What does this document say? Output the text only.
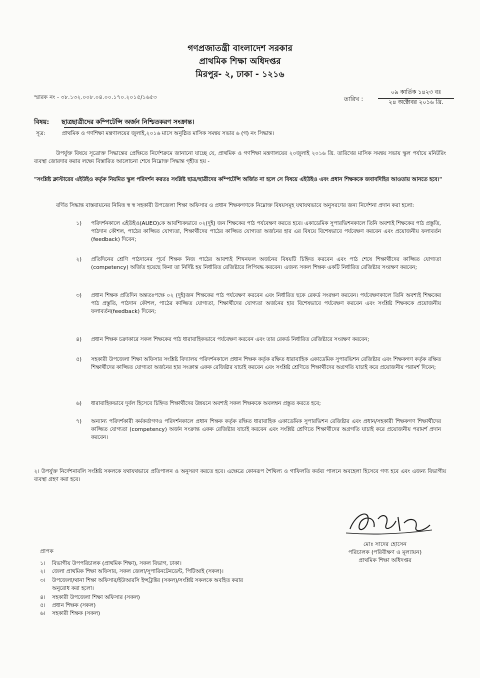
গণপ্রজাতন্ত্রী বাংলাদেশ সরকার
প্রাথমিক শিক্ষা অধিদপ্তর
মিরপুর- ২, ঢাকা - ১২১৬
স্মারক নং - ৩৮.১৩২.০০৮.০৪.০০.১৭০.২০১৫/১৬৫৩	তারিখ :
০৯ কার্তিক ১৪২৩ বঃ
২৪ অক্টোবর ২০১৬ খ্রি.
বিষয়: ছাত্রছাত্রীদের কম্পিটেন্সি অর্জন নিশ্চিতকরণ সংক্রান্ত।
সূত্র:	প্রাথমিক ও গণশিক্ষা মন্ত্রণালয়ের জুলাই,২০১৬ মাসে অনুষ্ঠিত মাসিক সমন্বয় সভার ৬ (গ) নং সিদ্ধান্ত।
উপর্যুক্ত বিষয়ে সূত্রোক্ত সিদ্ধান্তের প্রেক্ষিতে নির্দেশক্রমে জানানো যাচ্ছে যে, প্রাথমিক ও গণশিক্ষা মন্ত্রণালয়ের ২০জুলাই ২০১৬ খ্রি. তারিখের মাসিক সমন্বয় সভায় স্কুল পর্যায়ে মনিটরিং ব্যবস্থা জোরদার করার লক্ষ্যে বিস্তারিত আলোচনা শেষে নিম্নোক্ত সিদ্ধান্ত গৃহীত হয় -
"সংশ্লিষ্ট ক্লাস্টারের এইউইও কর্তৃক নিয়মিত স্কুল পরিদর্শন করতঃ সংশ্লিষ্ট ছাত্র/ছাত্রীদের কম্পিটেন্সি অর্জিত না হলে সে বিষয়ে এইউইও এবং প্রধান শিক্ষককে জবাবদিহির আওতায় আনতে হবে।"
বর্ণিত সিদ্ধান্ত বাস্তবায়নের নিমিত্ত স্ব স্ব সহকারী উপজেলা শিক্ষা অফিসার ও প্রধান শিক্ষকগণকে নিম্নোক্ত বিষয়সমূহ যথাযথভাবে অনুসরণের জন্য নির্দেশনা প্রদান করা হলো:
১) পরিদর্শনকালে এইউইও(AUEO)কে আবশ্যিকভাবে ০২(দুই) জন শিক্ষকের পাঠ পর্যবেক্ষণ করতে হবে। একাডেমিক সুপারভিশনকালে তিনি অবশ্যই শিক্ষকের পাঠ প্রস্তুতি, পাঠদান কৌশল, পাঠের কাজ্জিত যোগ্যতা, শিক্ষার্থীদের পাঠের কাজ্জিত যোগ্যতা অর্জনের হার এর বিষয়ে বিশেষভাবে পর্যবেক্ষণ করবেন এবং প্রয়োজনীয় ফলাবর্তন (feedback) দিবেন;
২) প্রতিদিনের শ্রেণি পাঠদানের পূর্বে শিক্ষক নিজ পাঠের আবশ্যই শিখনফল অর্জনের বিষয়টি চিহ্নিত করবেন এবং পাঠ শেষে শিক্ষার্থীদের কাজ্জিত যোগ্যতা (competency) অর্জিত হয়েছে কিনা তা নির্দিষ্ট হয় নির্ধারিত রেজিষ্টারে লিপিবদ্ধ করবেন। এজন্য সকল শিক্ষক একটি নির্ধারিত রেজিষ্টার সংরক্ষণ করবেন;
৩) প্রধান শিক্ষক প্রতিদিন অন্ততঃপক্ষে ০২ (দুই)জন শিক্ষকের পাঠ পর্যবেক্ষণ করবেন এবং নির্ধারিত ছকে রেকর্ড সংরক্ষণ করবেন। পর্যবেক্ষণকালে তিনি অবশ্যই শিক্ষকের পাঠ প্রস্তুতি, পাঠদান কৌশল, পাঠের কাজ্জিত যোগ্যতা, শিক্ষার্থীদের যোগ্যতা অর্জনের হার বিশেষভাবে পর্যবেক্ষণ করবেন এবং সংশ্লিষ্ট শিক্ষককে প্রয়োজনীয় ফলাবর্তন(feedback) দিবেন;
৪) প্রধান শিক্ষক চক্রাকারে সকল শিক্ষকের পাঠ ধারাবাহিকভাবে পর্যবেক্ষণ করবেন এবং তার রেকর্ড নির্ধারিত রেজিষ্টারে সংরক্ষণ করবেন;
৫) সহকারী উপজেলা শিক্ষা অফিসার সংশ্লিষ্ট বিদ্যালয় পরিদর্শনকালে প্রধান শিক্ষক কর্তৃক রক্ষিত ধারাবাহিক একাডেমিক সুপারভিশন রেজিষ্টার এবং শিক্ষকগণ কর্তৃক রক্ষিত শিক্ষার্থীদের কাজ্জিত যোগ্যতা অর্জনের হার সংক্রান্ত একক রেজিষ্টার যাচাই করবেন এবং সংশ্লিষ্ট শ্রেণিতে শিক্ষার্থীদের অগ্রগতি যাচাই করে প্রয়োজনীয় পরামর্শ দিবেন;
৬) ধারাবাহিকভাবে দুর্বল হিসেবে চিহ্নিত শিক্ষার্থীদের উন্নয়নে অবশ্যই সকল শিক্ষককে অবলম্বন প্রস্তুত করতে হবে;
৭) অন্যান্য পরিদর্শকারী কর্মকর্তাগণও পরিদর্শনকালে প্রধান শিক্ষক কর্তৃক রক্ষিত ধারাবাহিক একাডেমিক সুপারভিশন রেজিষ্টার এবং প্রধান/সহকারী শিক্ষকগণ শিক্ষার্থীদের কাজ্জিত যোগ্যতা (competency) অর্জন সংক্রান্ত একক রেজিষ্টার যাচাই করবেন এবং সংশ্লিষ্ট শ্রেণিতে শিক্ষার্থীদের অগ্রগতি যাচাই করে প্রয়োজনীয় পরামর্শ প্রদান করবেন।
২। উপর্যুক্ত নির্দেশনাবলি সংশ্লিষ্ট সকলকে যথাযথভাবে প্রতিপালন ও অনুসরণ করতে হবে। এক্ষেত্রে কোনরূপ শৈথিল্য ও গাফিলতি কর্তব্য পালনে অবহেলা হিসেবে গণ্য হবে এবং এজন্য বিভাগীয় ব্যবস্থা গ্রহণ করা হবে।
মোঃ সাদের হোসেন
পরিচালক (পরিবীক্ষণ ও মূল্যায়ন)
প্রাথমিক শিক্ষা অধিদপ্তর
প্রাপক
১। বিভাগীয় উপপরিচালক (প্রাথমিক শিক্ষা), সকল বিভাগ, ঢাকা।
২। জেলা প্রাথমিক শিক্ষা অফিসার, সকল জেলা/সুপারিনটেনডেন্ট, পিটিআই (সকল)।
৩। উপজেলা/থানা শিক্ষা অফিসার/ইউআরসি ইন্সট্রাক্টর (সকল)/সংশ্লিষ্ট সকলকে অবহিত করার
অনুরোধ করা হলো।
৪। সহকারী উপজেলা শিক্ষা অফিসার (সকল)
৫। প্রধান শিক্ষক (সকল)
৬। সহকারী শিক্ষক (সকল)
